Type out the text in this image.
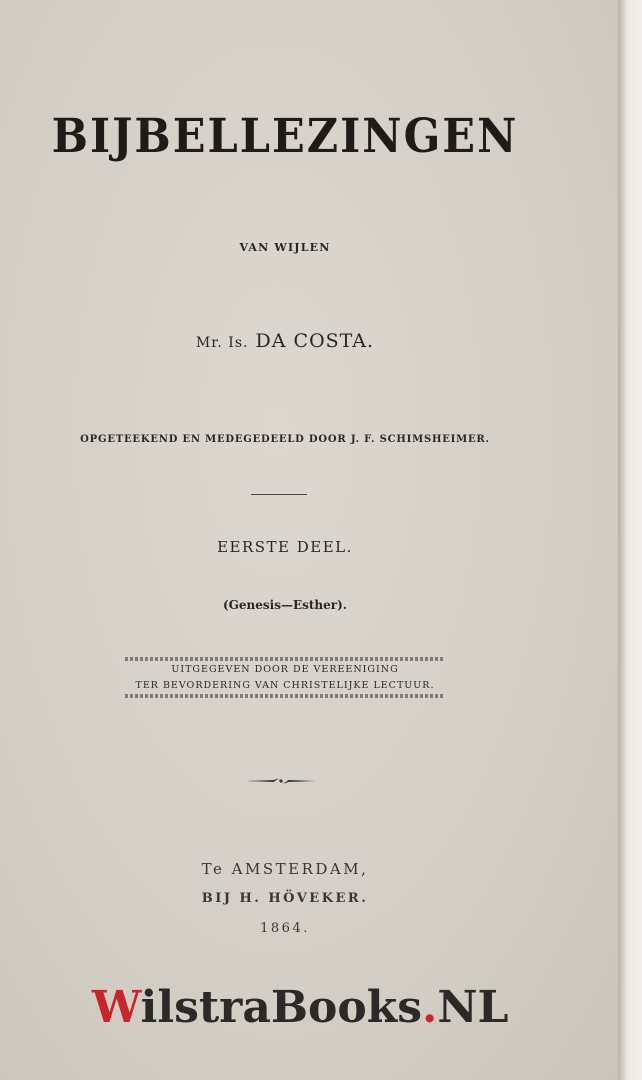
BIJBELLEZINGEN
VAN WIJLEN
Mr. Is. DA COSTA.
OPGETEEKEND EN MEDEGEDEELD DOOR J. F. SCHIMSHEIMER.
EERSTE DEEL.
(Genesis—Esther).
UITGEGEVEN DOOR DE VEREENIGING
TER BEVORDERING VAN CHRISTELIJKE LECTUUR.
Te AMSTERDAM,
BIJ H. HÖVEKER.
1864.
WilstraBooks.NL
